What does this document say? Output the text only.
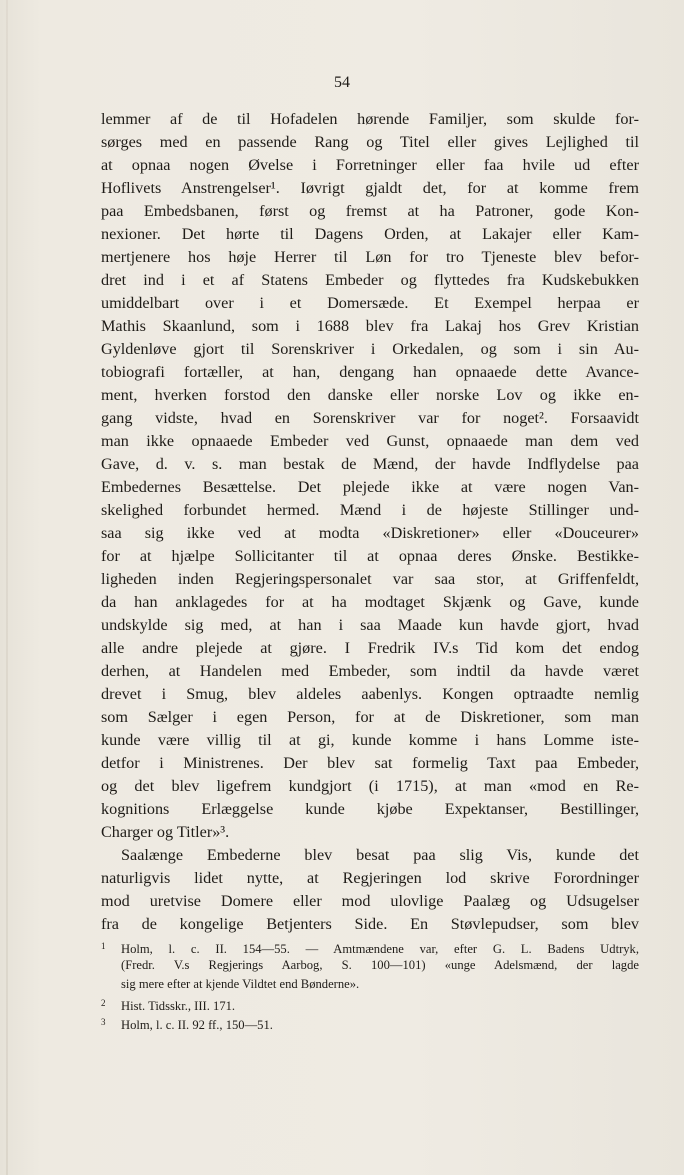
54
lemmer af de til Hofadelen hørende Familjer, som skulde for-
sørges med en passende Rang og Titel eller gives Lejlighed til
at opnaa nogen Øvelse i Forretninger eller faa hvile ud efter
Hoflivets Anstrengelser¹. Iøvrigt gjaldt det, for at komme frem
paa Embedsbanen, først og fremst at ha Patroner, gode Kon-
nexioner. Det hørte til Dagens Orden, at Lakajer eller Kam-
mertjenere hos høje Herrer til Løn for tro Tjeneste blev befor-
dret ind i et af Statens Embeder og flyttedes fra Kudskebukken
umiddelbart over i et Domersæde. Et Exempel herpaa er
Mathis Skaanlund, som i 1688 blev fra Lakaj hos Grev Kristian
Gyldenløve gjort til Sorenskriver i Orkedalen, og som i sin Au-
tobiografi fortæller, at han, dengang han opnaaede dette Avance-
ment, hverken forstod den danske eller norske Lov og ikke en-
gang vidste, hvad en Sorenskriver var for noget². Forsaavidt
man ikke opnaaede Embeder ved Gunst, opnaaede man dem ved
Gave, d. v. s. man bestak de Mænd, der havde Indflydelse paa
Embedernes Besættelse. Det plejede ikke at være nogen Van-
skelighed forbundet hermed. Mænd i de højeste Stillinger und-
saa sig ikke ved at modta «Diskretioner» eller «Douceurer»
for at hjælpe Sollicitanter til at opnaa deres Ønske. Bestikke-
ligheden inden Regjeringspersonalet var saa stor, at Griffenfeldt,
da han anklagedes for at ha modtaget Skjænk og Gave, kunde
undskylde sig med, at han i saa Maade kun havde gjort, hvad
alle andre plejede at gjøre. I Fredrik IV.s Tid kom det endog
derhen, at Handelen med Embeder, som indtil da havde været
drevet i Smug, blev aldeles aabenlys. Kongen optraadte nemlig
som Sælger i egen Person, for at de Diskretioner, som man
kunde være villig til at gi, kunde komme i hans Lomme iste-
detfor i Ministrenes. Der blev sat formelig Taxt paa Embeder,
og det blev ligefrem kundgjort (i 1715), at man «mod en Re-
kognitions Erlæggelse kunde kjøbe Expektanser, Bestillinger,
Charger og Titler»³.
Saalænge Embederne blev besat paa slig Vis, kunde det
naturligvis lidet nytte, at Regjeringen lod skrive Forordninger
mod uretvise Domere eller mod ulovlige Paalæg og Udsugelser
fra de kongelige Betjenters Side. En Støvlepudser, som blev
1 Holm, l. c. II. 154—55. — Amtmændene var, efter G. L. Badens Udtryk,
(Fredr. V.s Regjerings Aarbog, S. 100—101) «unge Adelsmænd, der lagde
sig mere efter at kjende Vildtet end Bønderne».
2 Hist. Tidsskr., III. 171.
3 Holm, l. c. II. 92 ff., 150—51.
